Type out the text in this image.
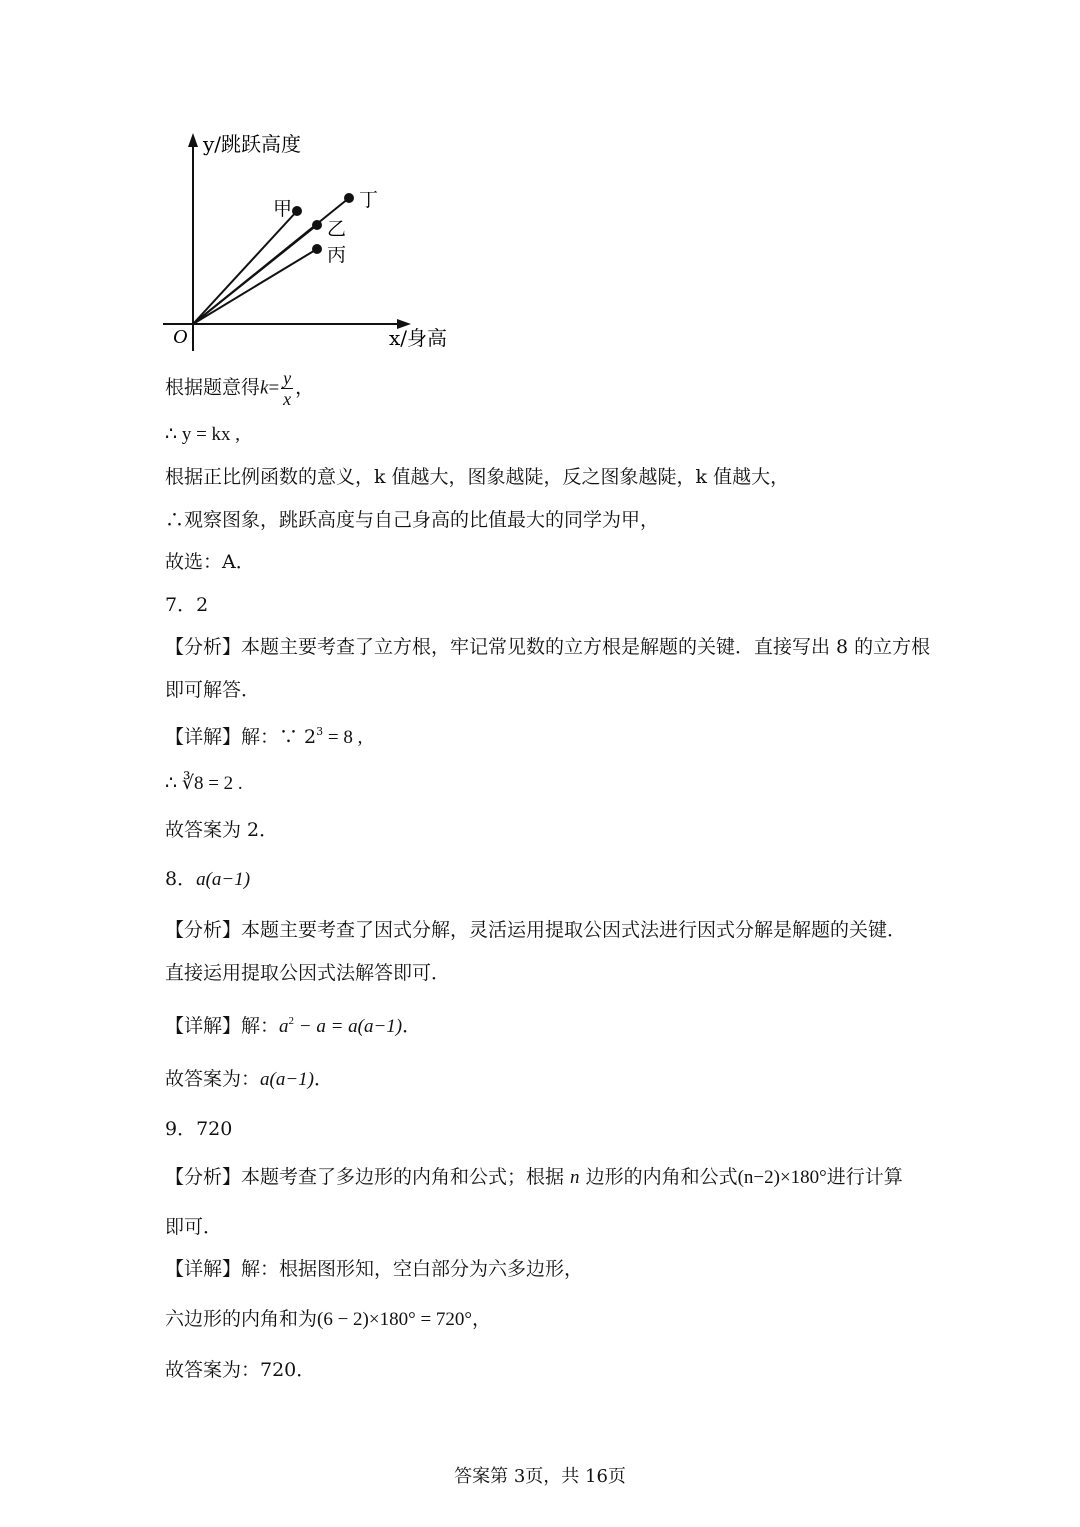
y/跳跃高度
x/身高
O
甲
乙
丙
丁
根据题意得$k= \frac{y}{x}$ ，
∴ y = kx ,
根据正比例函数的意义，k 值越大，图象越陡，反之图象越陡，k 值越大，
∴观察图象，跳跃高度与自己身高的比值最大的同学为甲，
故选：A．
7．2
【分析】本题主要考查了立方根，牢记常见数的立方根是解题的关键．直接写出 8 的立方根
即可解答．
【详解】解：∵ $2^3 = 8$ ,
∴ ∛8 = 2 .
故答案为 2．
8．a(a−1)
【分析】本题主要考查了因式分解，灵活运用提取公因式法进行因式分解是解题的关键．
直接运用提取公因式法解答即可．
【详解】解：$a^2 - a = a(a-1)$．
故答案为：a(a−1)．
9．720
【分析】本题考查了多边形的内角和公式；根据 n 边形的内角和公式(n−2)×180°进行计算
即可．
【详解】解：根据图形知，空白部分为六多边形，
六边形的内角和为(6 − 2)×180° = 720°，
故答案为：720．
答案第 3页，共 16页
